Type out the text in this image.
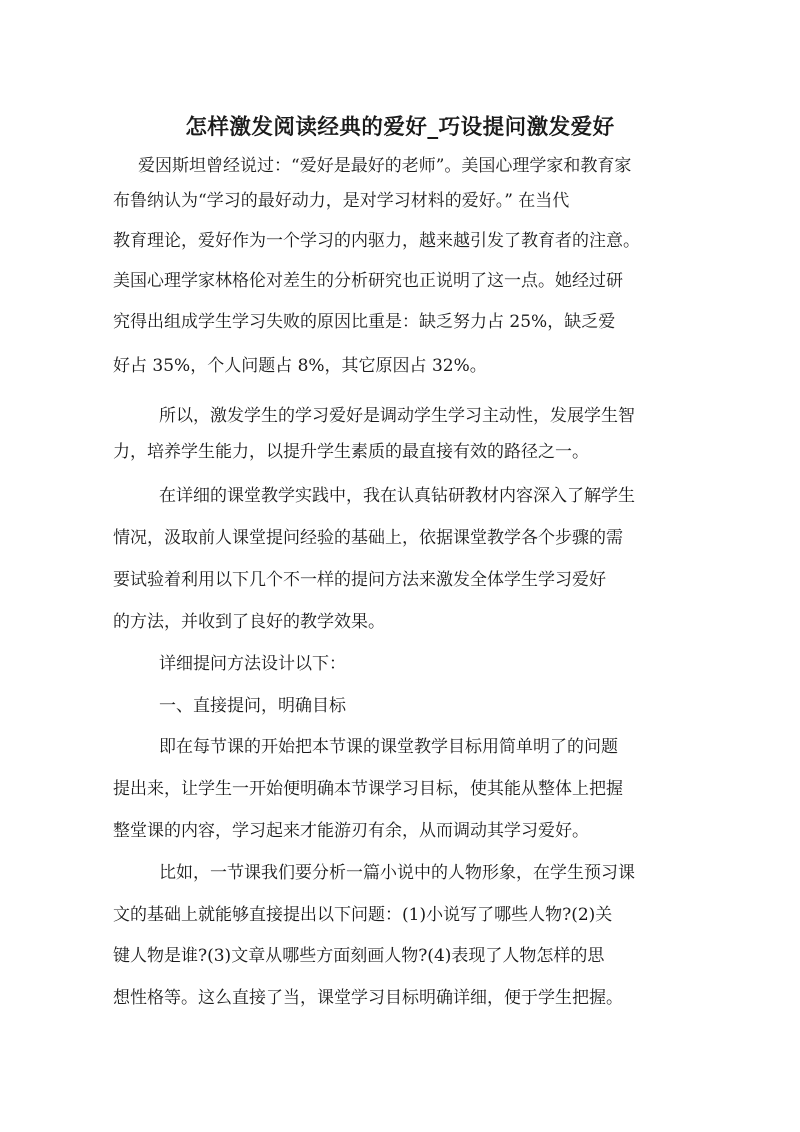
怎样激发阅读经典的爱好_巧设提问激发爱好

爱因斯坦曾经说过：“爱好是最好的老师”。美国心理学家和教育家

布鲁纳认为“学习的最好动力，是对学习材料的爱好。” 在当代

教育理论，爱好作为一个学习的内驱力，越来越引发了教育者的注意。

美国心理学家林格伦对差生的分析研究也正说明了这一点。她经过研

究得出组成学生学习失败的原因比重是：缺乏努力占 25%，缺乏爱

好占 35%，个人问题占 8%，其它原因占 32%。

所以，激发学生的学习爱好是调动学生学习主动性，发展学生智

力，培养学生能力，以提升学生素质的最直接有效的路径之一。

在详细的课堂教学实践中，我在认真钻研教材内容深入了解学生

情况，汲取前人课堂提问经验的基础上，依据课堂教学各个步骤的需

要试验着利用以下几个不一样的提问方法来激发全体学生学习爱好

的方法，并收到了良好的教学效果。

详细提问方法设计以下：

一、直接提问，明确目标

即在每节课的开始把本节课的课堂教学目标用简单明了的问题

提出来，让学生一开始便明确本节课学习目标，使其能从整体上把握

整堂课的内容，学习起来才能游刃有余，从而调动其学习爱好。

比如，一节课我们要分析一篇小说中的人物形象，在学生预习课

文的基础上就能够直接提出以下问题：(1)小说写了哪些人物?(2)关

键人物是谁?(3)文章从哪些方面刻画人物?(4)表现了人物怎样的思

想性格等。这么直接了当，课堂学习目标明确详细，便于学生把握。
